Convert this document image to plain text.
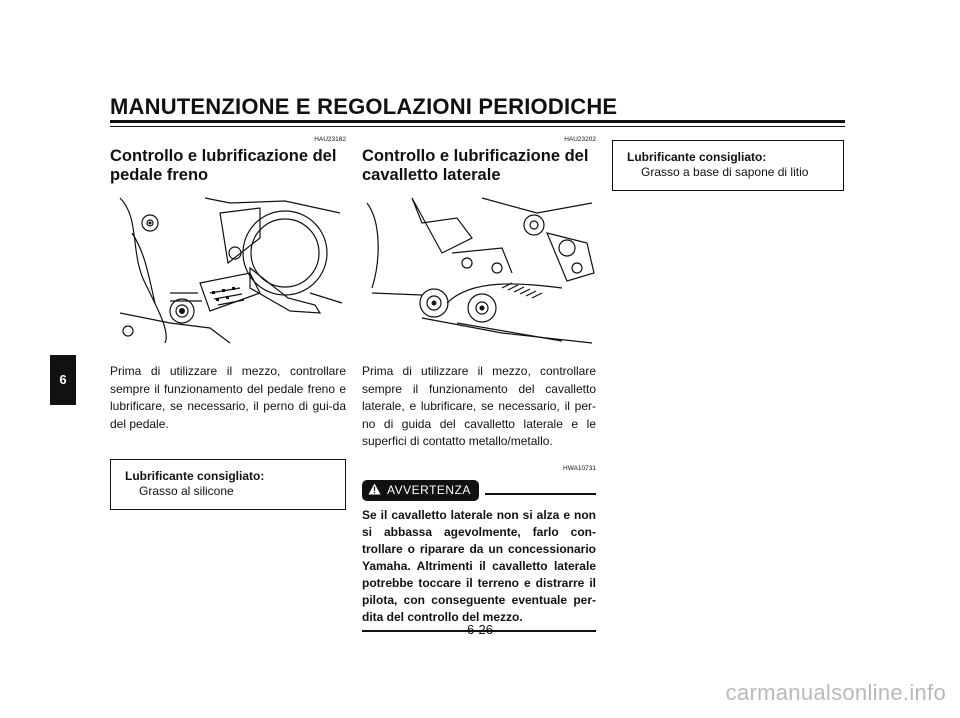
MANUTENZIONE E REGOLAZIONI PERIODICHE
6
HAU23182
Controllo e lubrificazione del pedale freno
Prima di utilizzare il mezzo, controllare sempre il funzionamento del pedale freno e lubrificare, se necessario, il perno di gui-da del pedale.
Lubrificante consigliato:
Grasso al silicone
HAU23202
Controllo e lubrificazione del cavalletto laterale
Prima di utilizzare il mezzo, controllare sempre il funzionamento del cavalletto laterale, e lubrificare, se necessario, il per-no di guida del cavalletto laterale e le superfici di contatto metallo/metallo.
HWA10731
AVVERTENZA
Se il cavalletto laterale non si alza e non si abbassa agevolmente, farlo con-trollare o riparare da un concessionario Yamaha. Altrimenti il cavalletto laterale potrebbe toccare il terreno e distrarre il pilota, con conseguente eventuale per-dita del controllo del mezzo.
Lubrificante consigliato:
Grasso a base di sapone di litio
6-26
carmanualsonline.info
